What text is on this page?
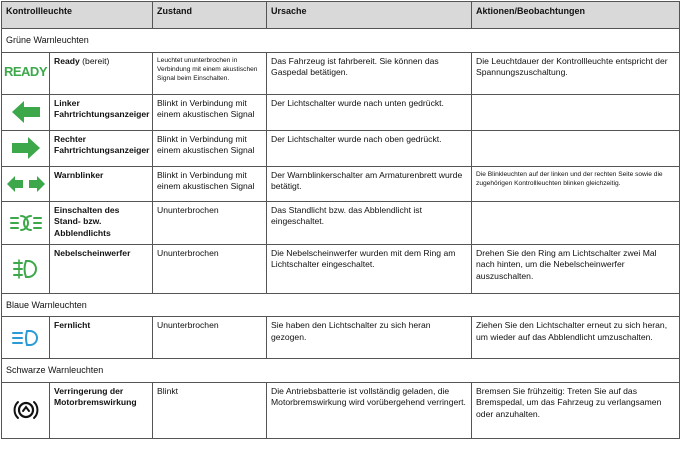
Kontrollleuchte		Zustand	Ursache	Aktionen/Beobachtungen
Grüne Warnleuchten				
READY	Ready (bereit)	Leuchtet ununterbrochen in Verbindung mit einem akustischen Signal beim Einschalten.	Das Fahrzeug ist fahrbereit. Sie können das Gaspedal betätigen.	Die Leuchtdauer der Kontrollleuchte entspricht der Spannungszuschaltung.

	Linker Fahrtrichtungsanzeiger	Blinkt in Verbindung mit einem akustischen Signal	Der Lichtschalter wurde nach unten gedrückt.	

	Rechter Fahrtrichtungsanzeiger	Blinkt in Verbindung mit einem akustischen Signal	Der Lichtschalter wurde nach oben gedrückt.	

	Warnblinker	Blinkt in Verbindung mit einem akustischen Signal	Der Warnblinkerschalter am Armaturenbrett wurde betätigt.	Die Blinkleuchten auf der linken und der rechten Seite sowie die zugehörigen Kontrollleuchten blinken gleichzeitig.

	Einschalten des Stand- bzw. Abblendlichts	Ununterbrochen	Das Standlicht bzw. das Abblendlicht ist eingeschaltet.	

	Nebelscheinwerfer	Ununterbrochen	Die Nebelscheinwerfer wurden mit dem Ring am Lichtschalter eingeschaltet.	Drehen Sie den Ring am Lichtschalter zwei Mal nach hinten, um die Nebelscheinwerfer auszuschalten.
Blaue Warnleuchten				

	Fernlicht	Ununterbrochen	Sie haben den Lichtschalter zu sich heran gezogen.	Ziehen Sie den Lichtschalter erneut zu sich heran, um wieder auf das Abblendlicht umzuschalten.
Schwarze Warnleuchten				

	Verringerung der Motorbremswirkung	Blinkt	Die Antriebsbatterie ist vollständig geladen, die Motorbremswirkung wird vorübergehend verringert.	Bremsen Sie frühzeitig: Treten Sie auf das Bremspedal, um das Fahrzeug zu verlangsamen oder anzuhalten.
